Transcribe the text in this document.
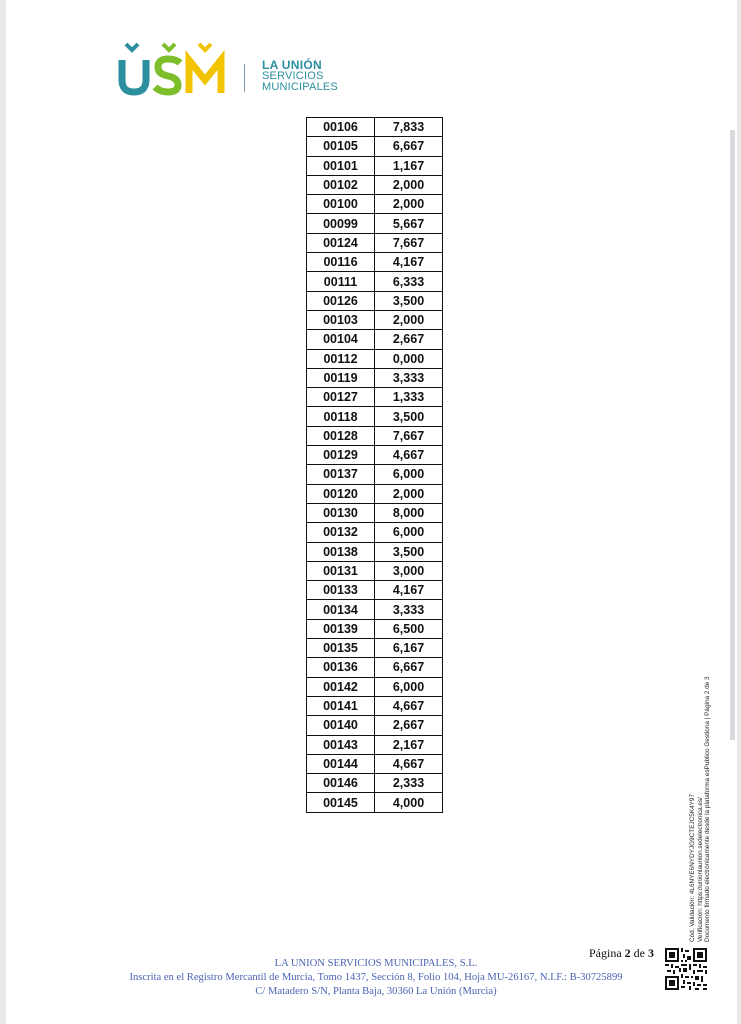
LA UNIÓN
SERVICIOS
MUNICIPALES
00106	7,833
00105	6,667
00101	1,167
00102	2,000
00100	2,000
00099	5,667
00124	7,667
00116	4,167
00111	6,333
00126	3,500
00103	2,000
00104	2,667
00112	0,000
00119	3,333
00127	1,333
00118	3,500
00128	7,667
00129	4,667
00137	6,000
00120	2,000
00130	8,000
00132	6,000
00138	3,500
00131	3,000
00133	4,167
00134	3,333
00139	6,500
00135	6,167
00136	6,667
00142	6,000
00141	4,667
00140	2,667
00143	2,167
00144	4,667
00146	2,333
00145	4,000	Cód. Validación: 4L6NYE6NYDYJG9CTEJC5K4Y97 Verificación: https://unionlaunion.sedelectronica.es/ Documento firmado electrónicamente desde la plataforma esPublico Gestiona | Página 2 de 3
Página 2 de 3
LA UNION SERVICIOS MUNICIPALES, S.L.
Inscrita en el Registro Mercantil de Murcia, Tomo 1437, Sección 8, Folio 104, Hoja MU-26167, N.I.F.: B-30725899
C/ Matadero S/N, Planta Baja, 30360 La Unión (Murcia)
